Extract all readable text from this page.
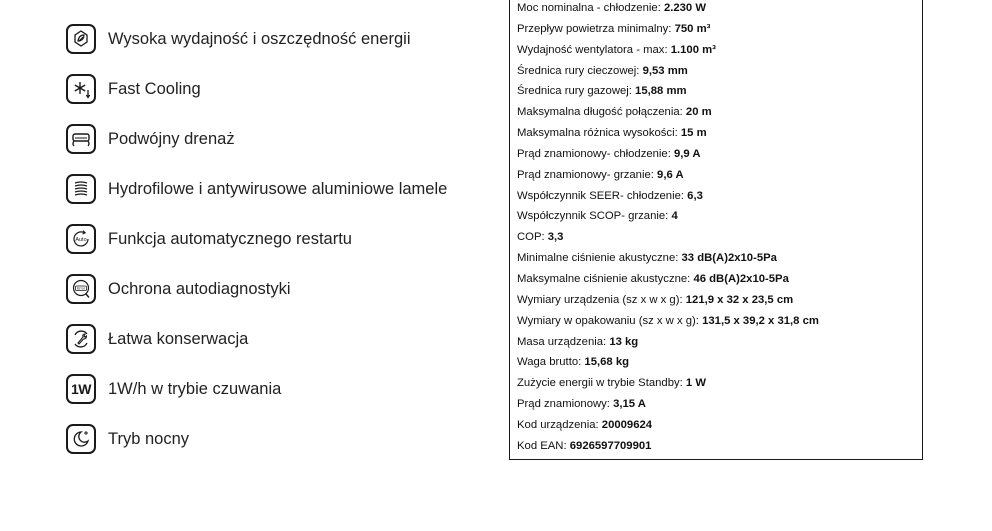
Wysoka wydajność i oszczędność energii
Fast Cooling
Podwójny drenaż
Hydrofilowe i antywirusowe aluminiowe lamele
Auto Funkcja automatycznego restartu
Error Ochrona autodiagnostyki
Łatwa konserwacja
1W 1W/h w trybie czuwania
Tryb nocny
Moc nominalna - chłodzenie: 2.230 W
Przepływ powietrza minimalny: 750 m³
Wydajność wentylatora - max: 1.100 m³
Średnica rury cieczowej: 9,53 mm
Średnica rury gazowej: 15,88 mm
Maksymalna długość połączenia: 20 m
Maksymalna różnica wysokości: 15 m
Prąd znamionowy- chłodzenie: 9,9 A
Prąd znamionowy- grzanie: 9,6 A
Współczynnik SEER- chłodzenie: 6,3
Współczynnik SCOP- grzanie: 4
COP: 3,3
Minimalne ciśnienie akustyczne: 33 dB(A)2x10-5Pa
Maksymalne ciśnienie akustyczne: 46 dB(A)2x10-5Pa
Wymiary urządzenia (sz x w x g): 121,9 x 32 x 23,5 cm
Wymiary w opakowaniu (sz x w x g): 131,5 x 39,2 x 31,8 cm
Masa urządzenia: 13 kg
Waga brutto: 15,68 kg
Zużycie energii w trybie Standby: 1 W
Prąd znamionowy: 3,15 A
Kod urządzenia: 20009624
Kod EAN: 6926597709901
